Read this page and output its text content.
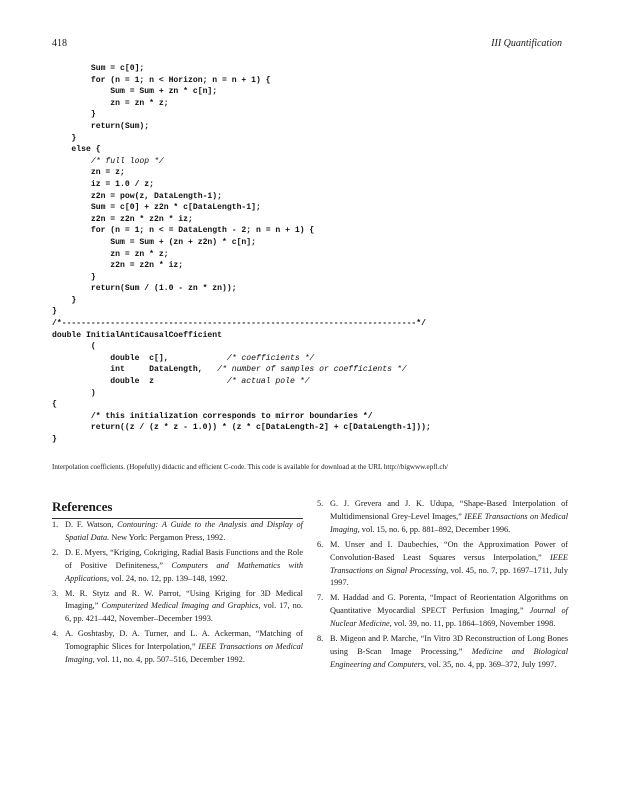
418	III Quantification
Sum = c[0];
for (n = 1; n < Horizon; n = n + 1) {
Sum = Sum + zn * c[n];
zn = zn * z;
}
return(Sum);
}
else {
/* full loop */
zn = z;
iz = 1.0 / z;
z2n = pow(z, DataLength-1);
Sum = c[0] + z2n * c[DataLength-1];
z2n = z2n * z2n * iz;
for (n = 1; n < = DataLength - 2; n = n + 1) {
Sum = Sum + (zn + z2n) * c[n];
zn = zn * z;
z2n = z2n * iz;
}
return(Sum / (1.0 - zn * zn));
}
}
/*-------------------------------------------------------------------------*/
double InitialAntiCausalCoefficient
(
double  c[],            /* coefficients */
int     DataLength,   /* number of samples or coefficients */
double  z               /* actual pole */
)
{
/* this initialization corresponds to mirror boundaries */
return((z / (z * z - 1.0)) * (z * c[DataLength-2] + c[DataLength-1]));
}

Interpolation coefficients. (Hopefully) didactic and efficient C-code. This code is available for download at the URL http://bigwww.epfl.ch/

References
1. D. F. Watson, Contouring: A Guide to the Analysis and Display of Spatial Data. New York: Pergamon Press, 1992.
2. D. E. Myers, “Kriging, Cokriging, Radial Basis Functions and the Role of Positive Definiteness,” Computers and Mathematics with Applications, vol. 24, no. 12, pp. 139–148, 1992.
3. M. R. Stytz and R. W. Parrot, “Using Kriging for 3D Medical Imaging,” Computerized Medical Imaging and Graphics, vol. 17, no. 6, pp. 421–442, November–December 1993.
4. A. Goshtasby, D. A. Turner, and L. A. Ackerman, “Matching of Tomographic Slices for Interpolation,” IEEE Transactions on Medical Imaging, vol. 11, no. 4, pp. 507–516, December 1992.
5. G. J. Grevera and J. K. Udupa, “Shape-Based Interpolation of Multidimensional Grey-Level Images,” IEEE Transactions on Medical Imaging, vol. 15, no. 6, pp. 881–892, December 1996.
6. M. Unser and I. Daubechies, “On the Approximation Power of Convolution-Based Least Squares versus Interpolation,” IEEE Transactions on Signal Processing, vol. 45, no. 7, pp. 1697–1711, July 1997.
7. M. Haddad and G. Porenta, “Impact of Reorientation Algorithms on Quantitative Myocardial SPECT Perfusion Imaging,” Journal of Nuclear Medicine, vol. 39, no. 11, pp. 1864–1869, November 1998.
8. B. Migeon and P. Marche, “In Vitro 3D Reconstruction of Long Bones using B-Scan Image Processing,” Medicine and Biological Engineering and Computers, vol. 35, no. 4, pp. 369–372, July 1997.
